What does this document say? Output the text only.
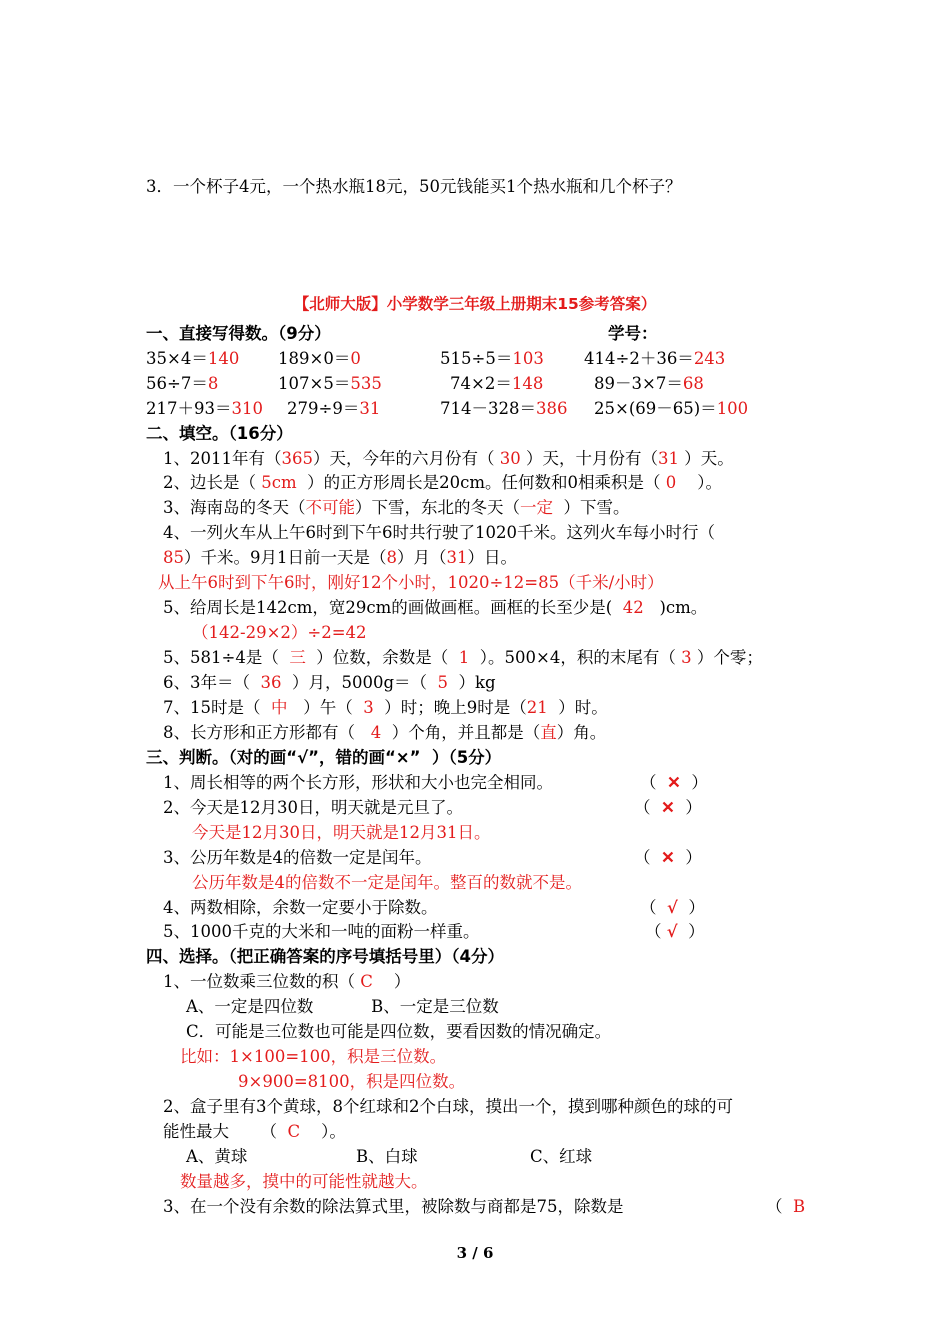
3．一个杯子4元，一个热水瓶18元，50元钱能买1个热水瓶和几个杯子？
【北师大版】小学数学三年级上册期末15参考答案）
一、直接写得数。（9分）	学号：
35×4＝140 189×0＝0	515÷5＝103 414÷2＋36＝243
56÷7＝8	107×5＝535	74×2＝148	89－3×7＝68
217＋93＝310 279÷9＝31	714－328＝386 25×(69－65)＝100
二、填空。（16分）
1、2011年有（365）天，今年的六月份有（ 30 ）天，十月份有（31 ）天。
2、边长是（ 5cm  ）的正方形周长是20cm。任何数和0相乘积是（ 0    ）。
3、海南岛的冬天（不可能）下雪，东北的冬天（一定  ）下雪。
4、一列火车从上午6时到下午6时共行驶了1020千米。这列火车每小时行（
85）千米。9月1日前一天是（8）月（31）日。
从上午6时到下午6时，刚好12个小时，1020÷12=85（千米/小时）
5、给周长是142cm，宽29cm的画做画框。画框的长至少是(  42   )cm。
（142-29×2）÷2=42
5、581÷4是（  三  ）位数，余数是（  1  ）。500×4，积的末尾有（ 3 ）个零；
6、3年＝（  36  ）月，5000g＝（  5  ）kg
7、15时是（  中   ）午（  3  ）时；晚上9时是（21  ）时。
8、长方形和正方形都有（   4  ）个角，并且都是（直）角。
三、判断。（对的画“√”，错的画“×”  ）（5分）
1、周长相等的两个长方形，形状和大小也完全相同。	（  ✕  ）
2、今天是12月30日，明天就是元旦了。	（  ✕  ）
今天是12月30日，明天就是12月31日。
3、公历年数是4的倍数一定是闰年。	（  ✕  ）
公历年数是4的倍数不一定是闰年。整百的数就不是。
4、两数相除，余数一定要小于除数。	（  √  ）
5、1000千克的大米和一吨的面粉一样重。	（ √  ）
四、选择。（把正确答案的序号填括号里）（4分）
1、一位数乘三位数的积（ C    ）
A、一定是四位数           B、一定是三位数
C．可能是三位数也可能是四位数，要看因数的情况确定。
比如：1×100=100，积是三位数。
9×900=8100，积是四位数。
2、盒子里有3个黄球，8个红球和2个白球，摸出一个，摸到哪种颜色的球的可
能性最大      （  C    ）。
A、黄球	B、白球	C、红球
数量越多，摸中的可能性就越大。
3、在一个没有余数的除法算式里，被除数与商都是75，除数是	（  B
3 / 6
